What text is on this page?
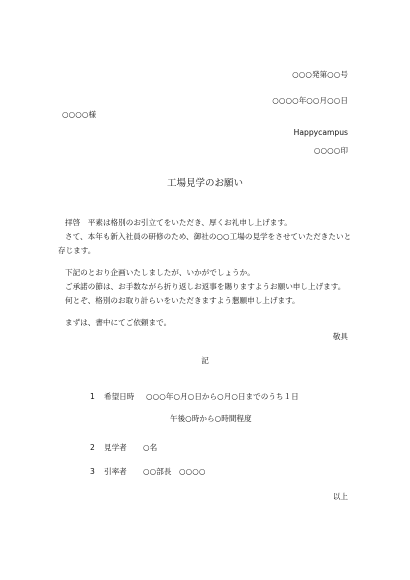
○○○発第○○号
○○○○年○○月○○日
○○○○様
Happycampus
○○○○印
工場見学のお願い
拝啓　平素は格別のお引立てをいただき、厚くお礼申し上げます。
さて、本年も新入社員の研修のため、御社の○○工場の見学をさせていただきたいと
存じます。
下記のとおり企画いたしましたが、いかがでしょうか。
ご承諾の節は、お手数ながら折り返しお返事を賜りますようお願い申し上げます。
何とぞ、格別のお取り計らいをいただきますよう懇願申し上げます。
まずは、書中にてご依頼まで。
敬具
記
1 希望日時 ○○○年○月○日から○月○日までのうち１日
午後○時から○時間程度
2 見学者 ○名
3 引率者 ○○部長　○○○○
以上
